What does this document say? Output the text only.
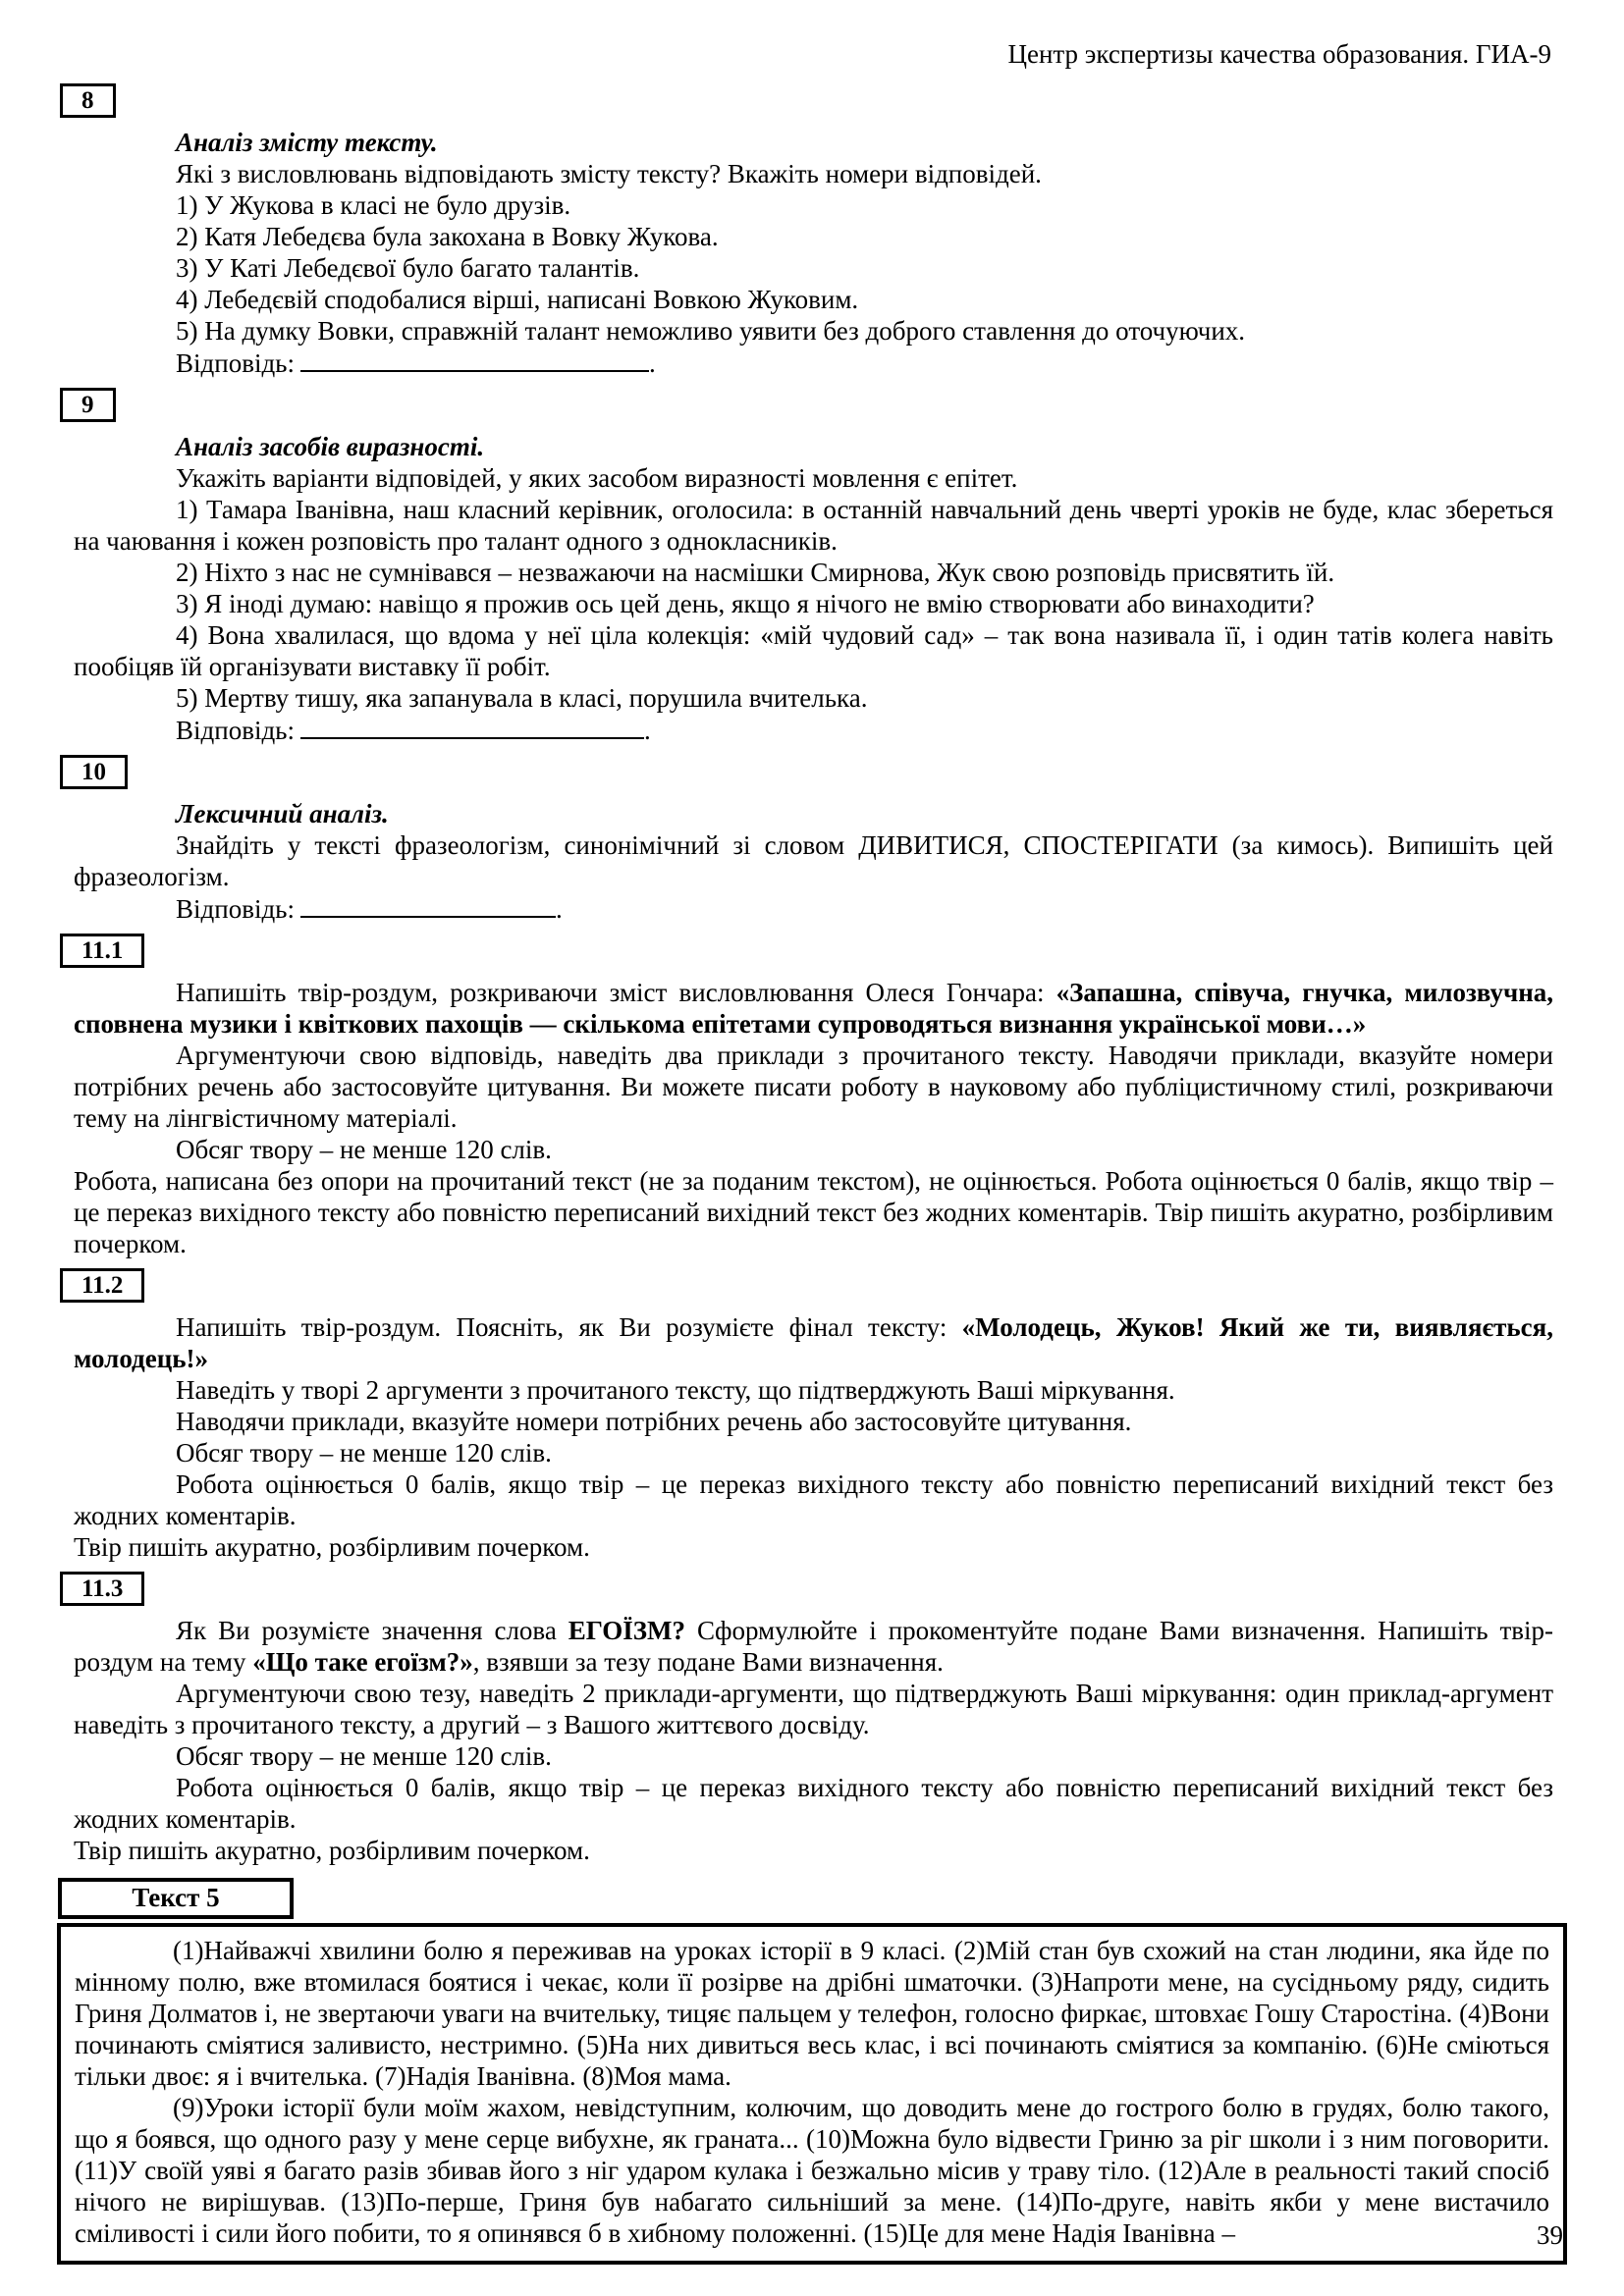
Центр экспертизы качества образования. ГИА-9
8

Аналіз змісту тексту.

Які з висловлювань відповідають змісту тексту? Вкажіть номери відповідей.

1) У Жукова в класі не було друзів.

2) Катя Лебедєва була закохана в Вовку Жукова.

3) У Каті Лебедєвої було багато талантів.

4) Лебедєвій сподобалися вірші, написані Вовкою Жуковим.

5) На думку Вовки, справжній талант неможливо уявити без доброго ставлення до оточуючих.

Відповідь:	.

9

Аналіз засобів виразності.

Укажіть варіанти відповідей, у яких засобом виразності мовлення є епітет.

1) Тамара Іванівна, наш класний керівник, оголосила: в останній навчальний день чверті уроків не буде, клас збереться на чаювання і кожен розповість про талант одного з однокласників.

2) Ніхто з нас не сумнівався – незважаючи на насмішки Смирнова, Жук свою розповідь присвятить їй.

3) Я іноді думаю: навіщо я прожив ось цей день, якщо я нічого не вмію створювати або винаходити?

4) Вона хвалилася, що вдома у неї ціла колекція: «мій чудовий сад» – так вона називала її, і один татів колега навіть пообіцяв їй організувати виставку її робіт.

5) Мертву тишу, яка запанувала в класі, порушила вчителька.

Відповідь:	.

10

Лексичний аналіз.

Знайдіть у тексті фразеологізм, синонімічний зі словом ДИВИТИСЯ, СПОСТЕРІГАТИ (за кимось). Випишіть цей фразеологізм.

Відповідь:	.

11.1

Напишіть твір-роздум, розкриваючи зміст висловлювання Олеся Гончара: «Запашна, співуча, гнучка, милозвучна, сповнена музики і квіткових пахощів — скількома епітетами супроводяться визнання української мови…»

Аргументуючи свою відповідь, наведіть два приклади з прочитаного тексту. Наводячи приклади, вказуйте номери потрібних речень або застосовуйте цитування. Ви можете писати роботу в науковому або публіцистичному стилі, розкриваючи тему на лінгвістичному матеріалі.

Обсяг твору – не менше 120 слів.

Робота, написана без опори на прочитаний текст (не за поданим текстом), не оцінюється. Робота оцінюється 0 балів, якщо твір – це переказ вихідного тексту або повністю переписаний вихідний текст без жодних коментарів. Твір пишіть акуратно, розбірливим почерком.

11.2

Напишіть твір-роздум. Поясніть, як Ви розумієте фінал тексту: «Молодець, Жуков! Який же ти, виявляється, молодець!»

Наведіть у творі 2 аргументи з прочитаного тексту, що підтверджують Ваші міркування.

Наводячи приклади, вказуйте номери потрібних речень або застосовуйте цитування.

Обсяг твору – не менше 120 слів.

Робота оцінюється 0 балів, якщо твір – це переказ вихідного тексту або повністю переписаний вихідний текст без жодних коментарів.

Твір пишіть акуратно, розбірливим почерком.

11.3

Як Ви розумієте значення слова ЕГОЇЗМ? Сформулюйте і прокоментуйте подане Вами визначення. Напишіть твір-роздум на тему «Що таке егоїзм?», взявши за тезу подане Вами визначення.

Аргументуючи свою тезу, наведіть 2 приклади-аргументи, що підтверджують Ваші міркування: один приклад-аргумент наведіть з прочитаного тексту, а другий – з Вашого життєвого досвіду.

Обсяг твору – не менше 120 слів.

Робота оцінюється 0 балів, якщо твір – це переказ вихідного тексту або повністю переписаний вихідний текст без жодних коментарів.

Твір пишіть акуратно, розбірливим почерком.

Текст 5

(1)Найважчі хвилини болю я переживав на уроках історії в 9 класі. (2)Мій стан був схожий на стан людини, яка йде по мінному полю, вже втомилася боятися і чекає, коли її розірве на дрібні шматочки. (3)Напроти мене, на сусідньому ряду, сидить Гриня Долматов і, не звертаючи уваги на вчительку, тицяє пальцем у телефон, голосно фиркає, штовхає Гошу Старостіна. (4)Вони починають сміятися заливисто, нестримно. (5)На них дивиться весь клас, і всі починають сміятися за компанію. (6)Не сміються тільки двоє: я і вчителька. (7)Надія Іванівна. (8)Моя мама.

(9)Уроки історії були моїм жахом, невідступним, колючим, що доводить мене до гострого болю в грудях, болю такого, що я боявся, що одного разу у мене серце вибухне, як граната... (10)Можна було відвести Гриню за ріг школи і з ним поговорити. (11)У своїй уяві я багато разів збивав його з ніг ударом кулака і безжально місив у траву тіло. (12)Але в реальності такий спосіб нічого не вирішував. (13)По-перше, Гриня був набагато сильніший за мене. (14)По-друге, навіть якби у мене вистачило сміливості і сили його побити, то я опинявся б в хибному положенні. (15)Це для мене Надія Іванівна –	39
